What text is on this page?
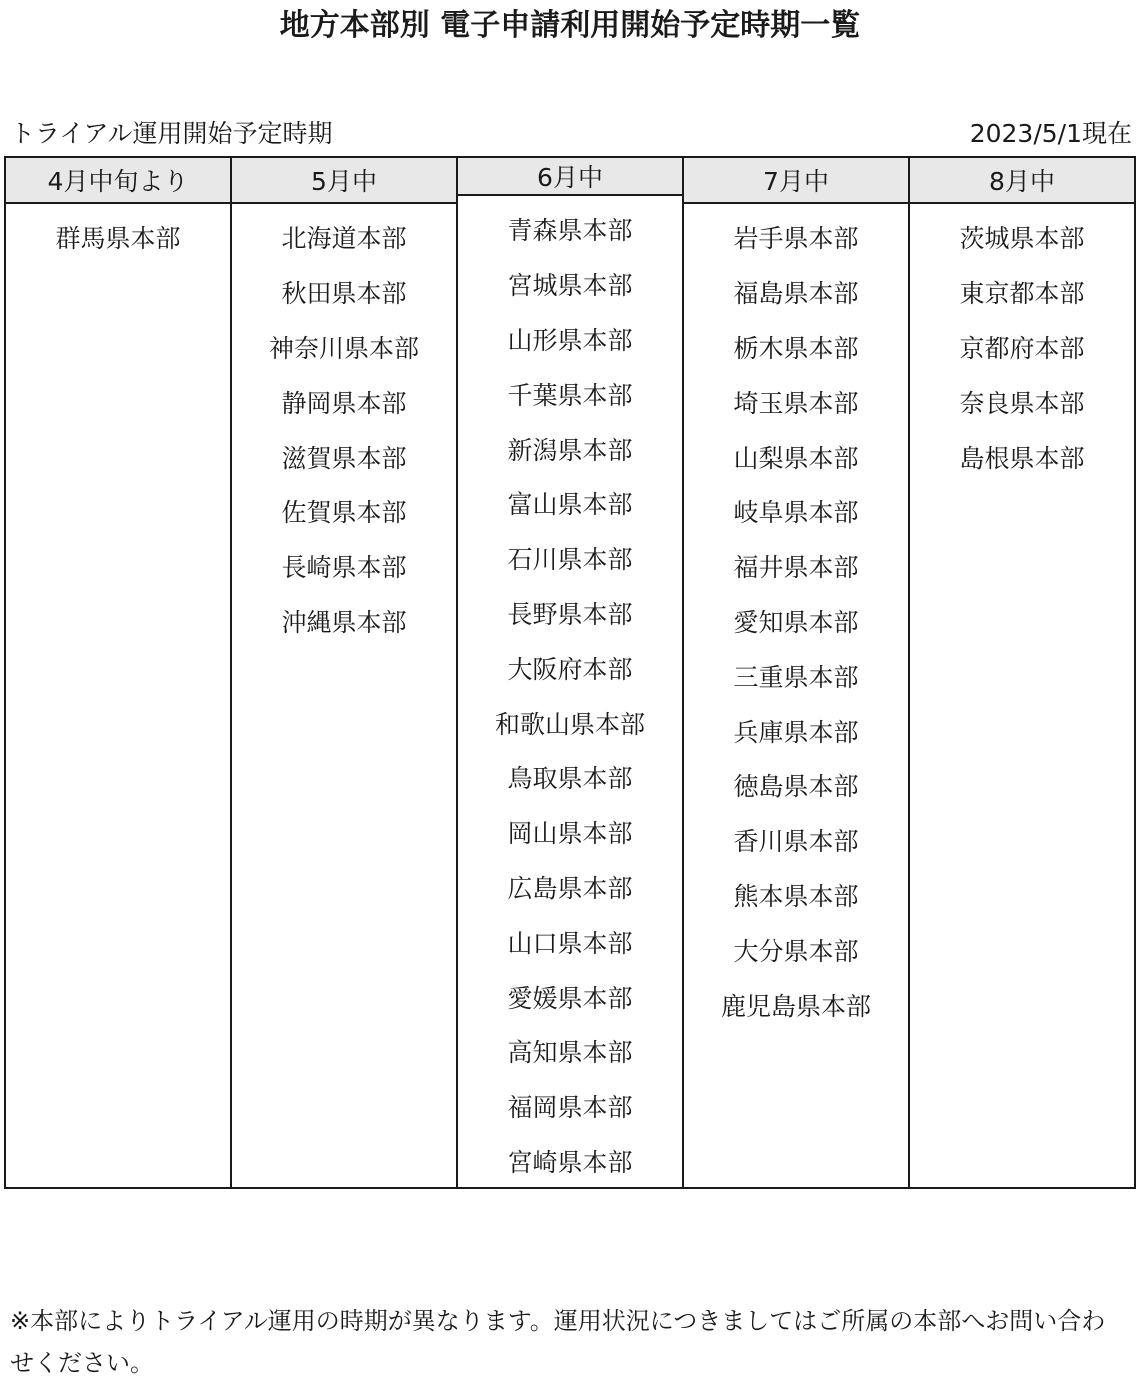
地方本部別 電子申請利用開始予定時期一覧
トライアル運用開始予定時期	2023/5/1現在
4月中旬より
群馬県本部
5月中
北海道本部
秋田県本部
神奈川県本部
静岡県本部
滋賀県本部
佐賀県本部
長崎県本部
沖縄県本部
6月中
青森県本部
宮城県本部
山形県本部
千葉県本部
新潟県本部
富山県本部
石川県本部
長野県本部
大阪府本部
和歌山県本部
鳥取県本部
岡山県本部
広島県本部
山口県本部
愛媛県本部
高知県本部
福岡県本部
宮崎県本部
7月中
岩手県本部
福島県本部
栃木県本部
埼玉県本部
山梨県本部
岐阜県本部
福井県本部
愛知県本部
三重県本部
兵庫県本部
徳島県本部
香川県本部
熊本県本部
大分県本部
鹿児島県本部
8月中
茨城県本部
東京都本部
京都府本部
奈良県本部
島根県本部
※本部によりトライアル運用の時期が異なります。運用状況につきましてはご所属の本部へお問い合わせください。
